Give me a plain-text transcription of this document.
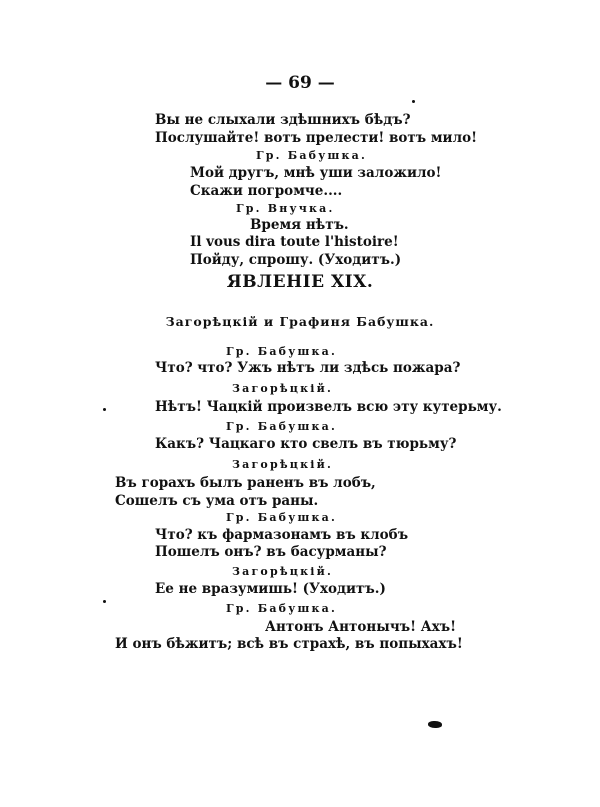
— 69 —
Вы не слыхали здѣшнихъ бѣдъ?
Послушайте! вотъ прелести! вотъ мило!
Гр. Бабушка.
Мой другъ, мнѣ уши заложило!
Скажи погромче....
Гр. Внучка.
Время нѣтъ.
Il vous dira toute l'histoire!
Пойду, спрошу. (Уходитъ.)
ЯВЛЕНІЕ XIX.
Загорѣцкій и Графиня Бабушка.
Гр. Бабушка.
Что? что? Ужъ нѣтъ ли здѣсь пожара?
Загорѣцкій.
Нѣтъ! Чацкій произвелъ всю эту кутерьму.
Гр. Бабушка.
Какъ? Чацкаго кто свелъ въ тюрьму?
Загорѣцкій.
Въ горахъ былъ раненъ въ лобъ,
Сошелъ съ ума отъ раны.
Гр. Бабушка.
Что? къ фармазонамъ въ клобъ
Пошелъ онъ? въ басурманы?
Загорѣцкій.
Ее не вразумишь! (Уходитъ.)
Гр. Бабушка.
Антонъ Антонычъ! Ахъ!
И онъ бѣжитъ; всѣ въ страхѣ, въ попыхахъ!
